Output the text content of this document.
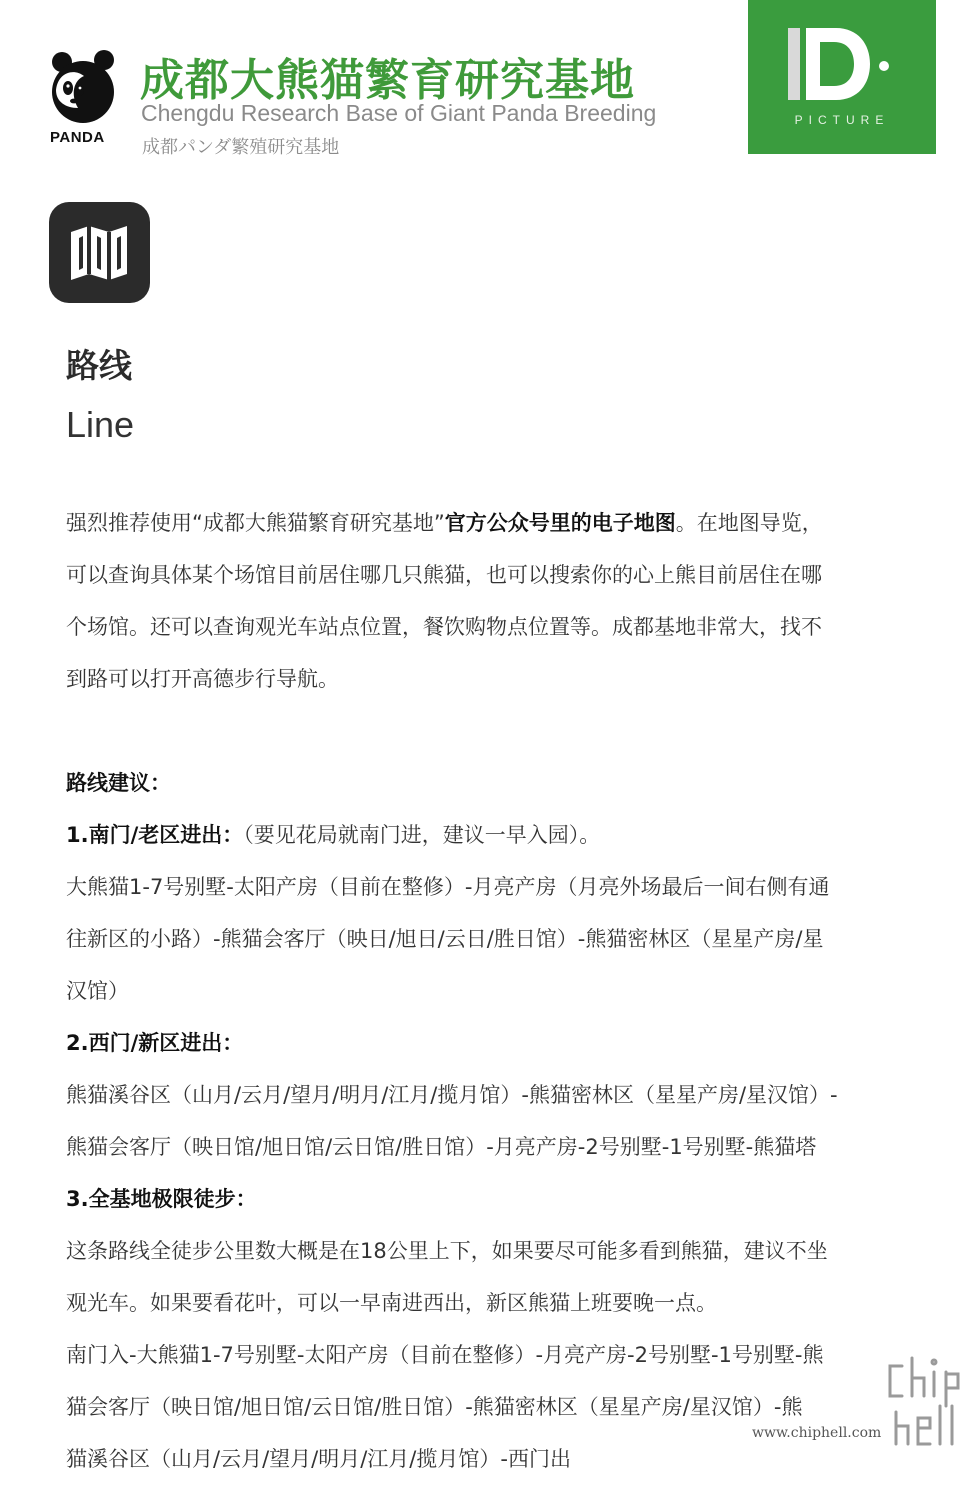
PANDA
成都大熊猫繁育研究基地
Chengdu Research Base of Giant Panda Breeding
成都パンダ繁殖研究基地
PICTURE
路线
Line
强烈推荐使用“成都大熊猫繁育研究基地”官方公众号里的电子地图。在地图导览，
可以查询具体某个场馆目前居住哪几只熊猫，也可以搜索你的心上熊目前居住在哪
个场馆。还可以查询观光车站点位置，餐饮购物点位置等。成都基地非常大，找不
到路可以打开高德步行导航。
路线建议：
1.南门/老区进出：（要见花局就南门进，建议一早入园）。
大熊猫1-7号别墅-太阳产房（目前在整修）-月亮产房（月亮外场最后一间右侧有通
往新区的小路）-熊猫会客厅（映日/旭日/云日/胜日馆）-熊猫密林区（星星产房/星
汉馆）
2.西门/新区进出：
熊猫溪谷区（山月/云月/望月/明月/江月/揽月馆）-熊猫密林区（星星产房/星汉馆）-
熊猫会客厅（映日馆/旭日馆/云日馆/胜日馆）-月亮产房-2号别墅-1号别墅-熊猫塔
3.全基地极限徒步：
这条路线全徒步公里数大概是在18公里上下，如果要尽可能多看到熊猫，建议不坐
观光车。如果要看花叶，可以一早南进西出，新区熊猫上班要晚一点。
南门入-大熊猫1-7号别墅-太阳产房（目前在整修）-月亮产房-2号别墅-1号别墅-熊
猫会客厅（映日馆/旭日馆/云日馆/胜日馆）-熊猫密林区（星星产房/星汉馆）-熊
猫溪谷区（山月/云月/望月/明月/江月/揽月馆）-西门出
www.chiphell.com
